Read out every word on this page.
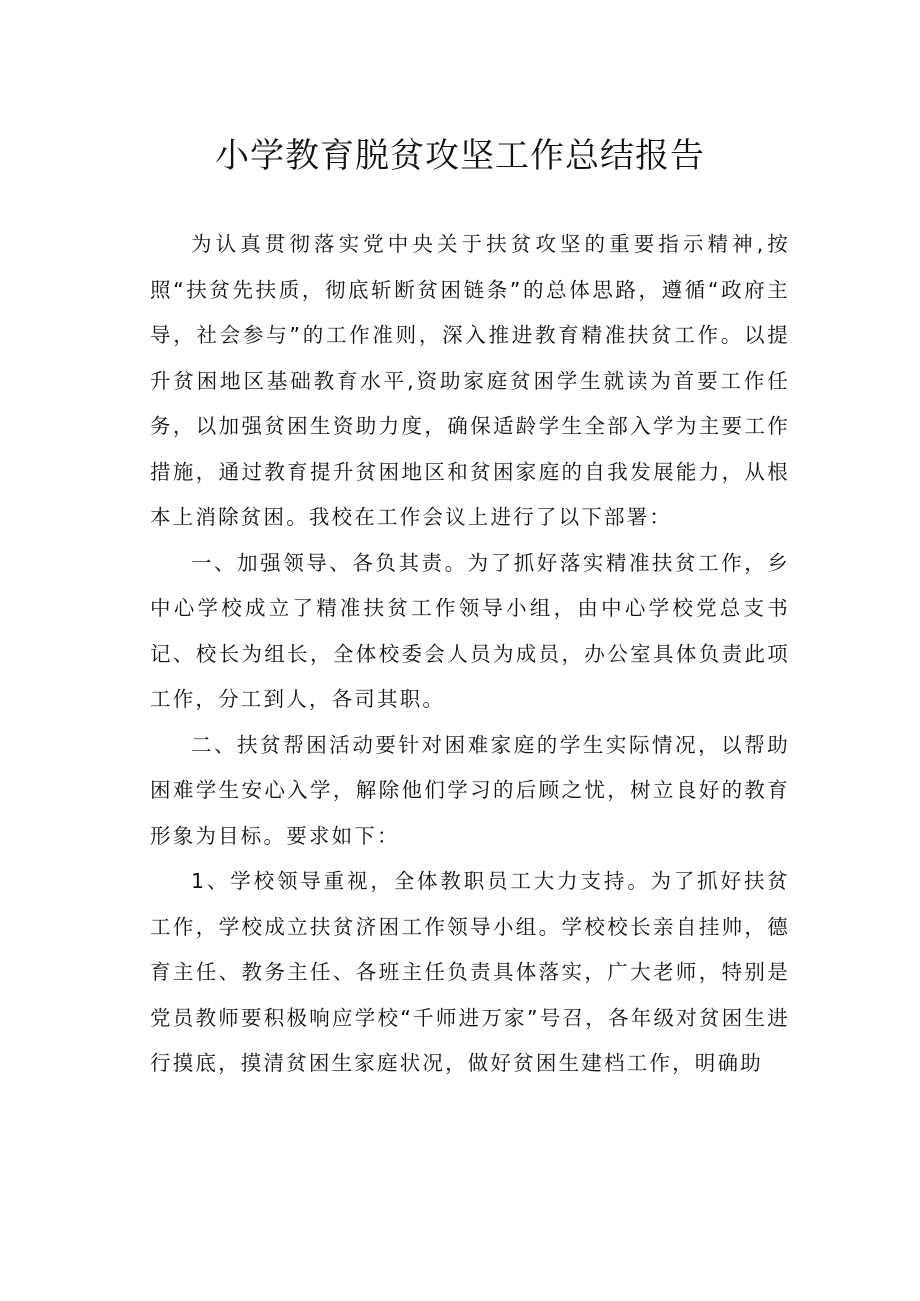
小学教育脱贫攻坚工作总结报告

为认真贯彻落实党中央关于扶贫攻坚的重要指示精神,按照“扶贫先扶质，彻底斩断贫困链条”的总体思路，遵循“政府主导，社会参与”的工作准则，深入推进教育精准扶贫工作。以提升贫困地区基础教育水平,资助家庭贫困学生就读为首要工作任务，以加强贫困生资助力度，确保适龄学生全部入学为主要工作措施，通过教育提升贫困地区和贫困家庭的自我发展能力，从根本上消除贫困。我校在工作会议上进行了以下部署：

一、加强领导、各负其责。为了抓好落实精准扶贫工作，乡中心学校成立了精准扶贫工作领导小组，由中心学校党总支书记、校长为组长，全体校委会人员为成员，办公室具体负责此项工作，分工到人，各司其职。

二、扶贫帮困活动要针对困难家庭的学生实际情况，以帮助困难学生安心入学，解除他们学习的后顾之忧，树立良好的教育形象为目标。要求如下：

1、学校领导重视，全体教职员工大力支持。为了抓好扶贫工作，学校成立扶贫济困工作领导小组。学校校长亲自挂帅，德育主任、教务主任、各班主任负责具体落实，广大老师，特别是党员教师要积极响应学校“千师进万家”号召，各年级对贫困生进行摸底，摸清贫困生家庭状况，做好贫困生建档工作，明确助
